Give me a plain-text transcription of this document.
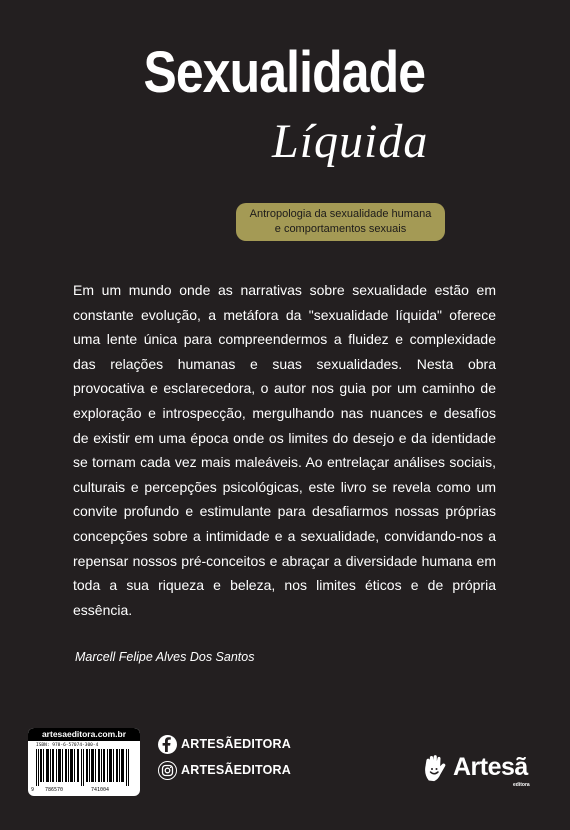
Sexualidade
Líquida
Antropologia da sexualidade humana
e comportamentos sexuais
Em um mundo onde as narrativas sobre sexualidade estão em constante evolução, a metáfora da "sexualidade líquida" oferece uma lente única para compreendermos a fluidez e complexidade das relações humanas e suas sexualidades. Nesta obra provocativa e esclarecedora, o autor nos guia por um caminho de exploração e introspecção, mergulhando nas nuances e desafios de existir em uma época onde os limites do desejo e da identidade se tornam cada vez mais maleáveis. Ao entrelaçar análises sociais, culturais e percepções psicológicas, este livro se revela como um convite profundo e estimulante para desafiarmos nossas próprias concepções sobre a intimidade e a sexualidade, convidando-nos a repensar nossos pré-conceitos e abraçar a diversidade humana em toda a sua riqueza e beleza, nos limites éticos e de própria essência.
Marcell Felipe Alves Dos Santos
artesaeditora.com.br
ISBN: 978-6-57074-300-4
9 786570	741004
ARTESÃEDITORA
ARTESÃEDITORA	Artesã
editora
